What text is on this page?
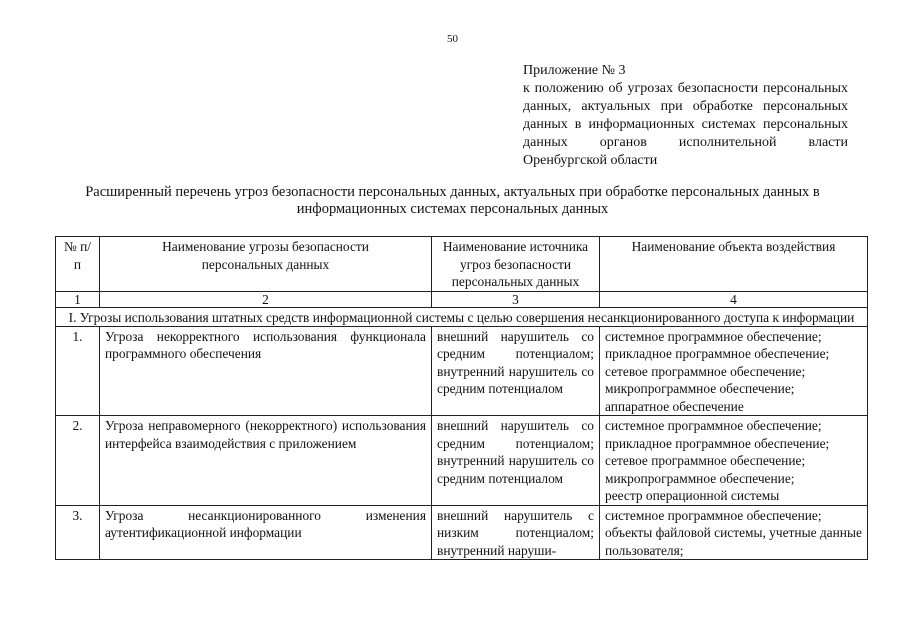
50
Приложение № 3
к положению об угрозах безопасности персональных данных, актуальных при обработке персональных данных в информационных системах персональных данных органов исполнительной власти Оренбургской области
Расширенный перечень угроз безопасности персональных данных, актуальных при обработке персональных данных в информационных системах персональных данных
№ п/п	Наименование угрозы безопасности персональных данных	Наименование источника угроз безопасности персональных данных	Наименование объекта воздействия
1	2	3	4
I. Угрозы использования штатных средств информационной системы с целью совершения несанкционированного доступа к информации			
1.	Угроза некорректного использования функционала программного обеспечения	внешний нарушитель со средним потенциалом; внутренний нарушитель со средним потенциалом	системное программное обеспечение;
прикладное программное обеспечение;
сетевое программное обеспечение;
микропрограммное обеспечение;
аппаратное обеспечение

2.	Угроза неправомерного (некорректного) использования интерфейса взаимодействия с приложением	внешний нарушитель со средним потенциалом; внутренний нарушитель со средним потенциалом	системное программное обеспечение;
прикладное программное обеспечение;
сетевое программное обеспечение;
микропрограммное обеспечение;
реестр операционной системы

3.	Угроза несанкционированного изменения аутентификационной информации	внешний нарушитель с низким потенциалом; внутренний наруши-	системное программное обеспечение;
объекты файловой системы, учетные данные пользователя;
